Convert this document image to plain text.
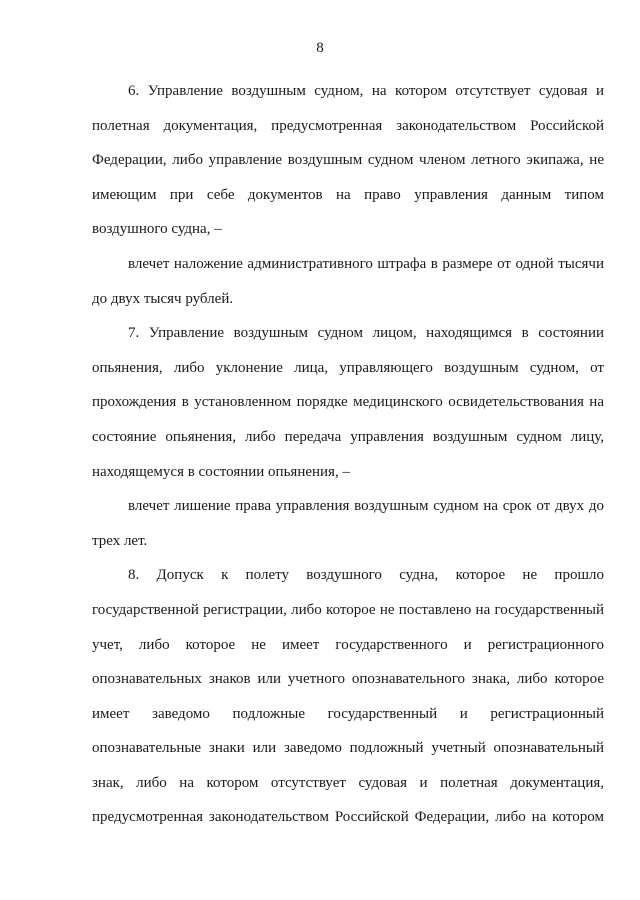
8
6. Управление воздушным судном, на котором отсутствует судовая и
полетная документация, предусмотренная законодательством Российской
Федерации, либо управление воздушным судном членом летного экипажа, не
имеющим при себе документов на право управления данным типом
воздушного судна, –
влечет наложение административного штрафа в размере от одной тысячи
до двух тысяч рублей.
7. Управление воздушным судном лицом, находящимся в состоянии
опьянения, либо уклонение лица, управляющего воздушным судном, от
прохождения в установленном порядке медицинского освидетельствования на
состояние опьянения, либо передача управления воздушным судном лицу,
находящемуся в состоянии опьянения, –
влечет лишение права управления воздушным судном на срок от двух до
трех лет.
8. Допуск к полету воздушного судна, которое не прошло
государственной регистрации, либо которое не поставлено на государственный
учет, либо которое не имеет государственного и регистрационного
опознавательных знаков или учетного опознавательного знака, либо которое
имеет заведомо подложные государственный и регистрационный
опознавательные знаки или заведомо подложный учетный опознавательный
знак, либо на котором отсутствует судовая и полетная документация,
предусмотренная законодательством Российской Федерации, либо на котором
